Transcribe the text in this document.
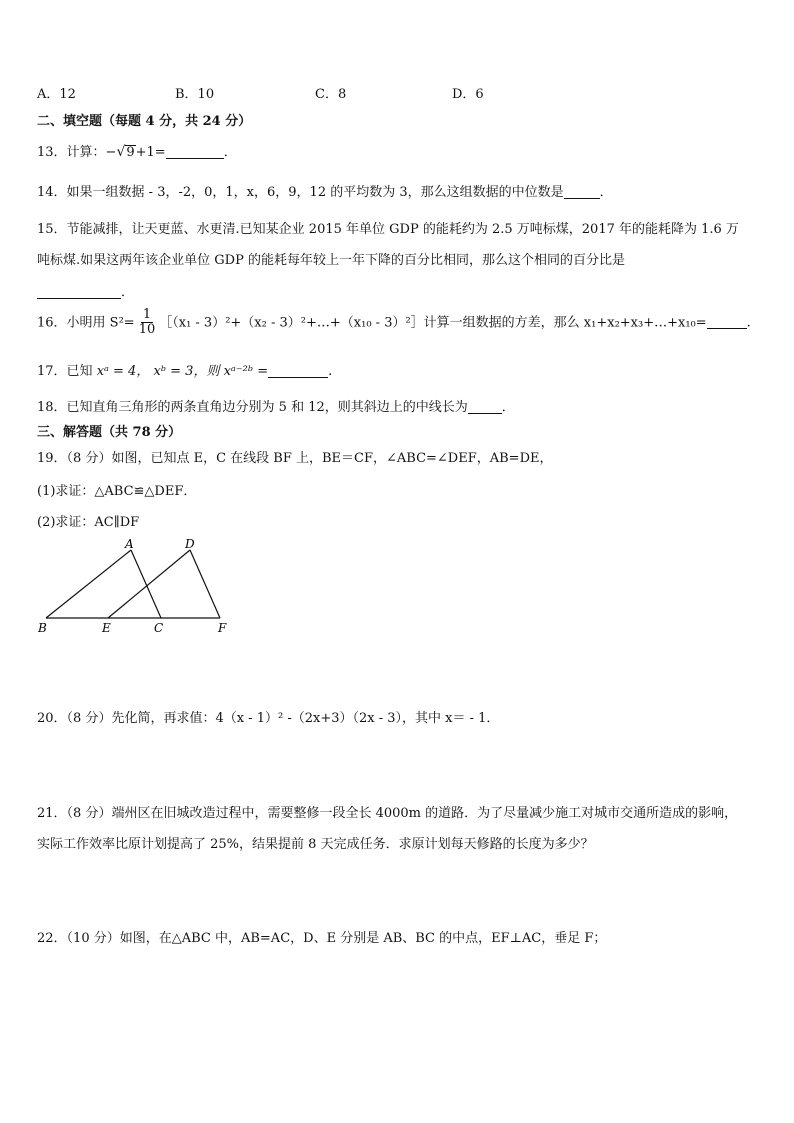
A．12	B．10	C．8	D．6
二、填空题（每题 4 分，共 24 分）
13．计算：−√9+1=	．
14．如果一组数据 - 3，-2，0，1，x，6，9，12 的平均数为 3，那么这组数据的中位数是	．
15．节能减排，让天更蓝、水更清.已知某企业 2015 年单位 GDP 的能耗约为 2.5 万吨标煤，2017 年的能耗降为 1.6 万
吨标煤.如果这两年该企业单位 GDP 的能耗每年较上一年下降的百分比相同，那么这个相同的百分比是
．
16．小明用 $S^2= \frac{1}{10}$ ［（x₁ - 3）²+（x₂ - 3）²+…+（x₁₀ - 3）²］计算一组数据的方差，那么 x₁+x₂+x₃+…+x₁₀=	.
17．已知 xᵃ = 4， xᵇ = 3，则 xᵃ⁻²ᵇ =	.
18．已知直角三角形的两条直角边分别为 5 和 12，则其斜边上的中线长为	．
三、解答题（共 78 分）
19．（8 分）如图，已知点 E，C 在线段 BF 上，BE＝CF，∠ABC=∠DEF，AB=DE，
(1)求证：△ABC≌△DEF．
(2)求证：AC∥DF
A	D
B	E	C	F
20．（8 分）先化简，再求值：4（x - 1）² -（2x+3）（2x - 3），其中 x＝ - 1．
21．（8 分）端州区在旧城改造过程中，需要整修一段全长 4000m 的道路．为了尽量减少施工对城市交通所造成的影响，
实际工作效率比原计划提高了 25%，结果提前 8 天完成任务．求原计划每天修路的长度为多少？
22．（10 分）如图，在△ABC 中，AB=AC，D、E 分别是 AB、BC 的中点，EF⊥AC，垂足 F；
